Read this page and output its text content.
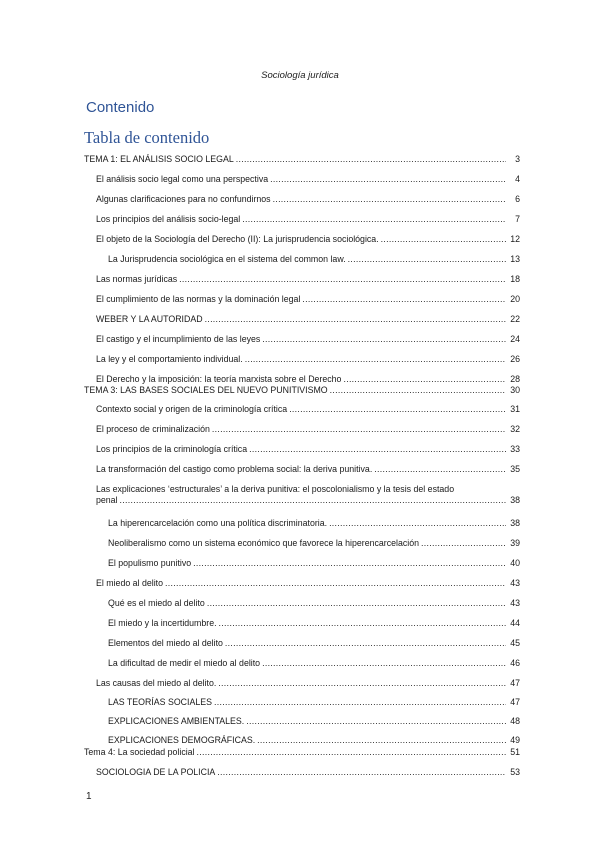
Sociología jurídica
Contenido
Tabla de contenido
TEMA 1: EL ANÁLISIS SOCIO LEGAL .....	3
El análisis socio legal como una perspectiva .....	4
Algunas clarificaciones para no confundirnos .....	6
Los principios del análisis socio-legal .....	7
El objeto de la Sociología del Derecho (II): La jurisprudencia sociológica. .....	12
La Jurisprudencia sociológica en el sistema del common law. .....	13
Las normas jurídicas .....	18
El cumplimiento de las normas y la dominación legal .....	20
WEBER Y LA AUTORIDAD .....	22
El castigo y el incumplimiento de las leyes .....	24
La ley y el comportamiento individual. .....	26
El Derecho y la imposición: la teoría marxista sobre el Derecho .....	28
TEMA 3: LAS BASES SOCIALES DEL NUEVO PUNITIVISMO .....	30
Contexto social y origen de la criminología crítica .....	31
El proceso de criminalización .....	32
Los principios de la criminología crítica .....	33
La transformación del castigo como problema social: la deriva punitiva. .....	35
Las explicaciones ‘estructurales’ a la deriva punitiva: el poscolonialismo y la tesis del estado
penal .....	38
La hiperencarcelación como una política discriminatoria. .....	38
Neoliberalismo como un sistema económico que favorece la hiperencarcelación .....	39
El populismo punitivo .....	40
El miedo al delito .....	43
Qué es el miedo al delito .....	43
El miedo y la incertidumbre. .....	44
Elementos del miedo al delito .....	45
La dificultad de medir el miedo al delito .....	46
Las causas del miedo al delito. .....	47
LAS TEORÍAS SOCIALES .....	47
EXPLICACIONES AMBIENTALES. .....	48
EXPLICACIONES DEMOGRÁFICAS. .....	49
Tema 4: La sociedad policial .....	51
SOCIOLOGIA DE LA POLICIA .....	53
1
